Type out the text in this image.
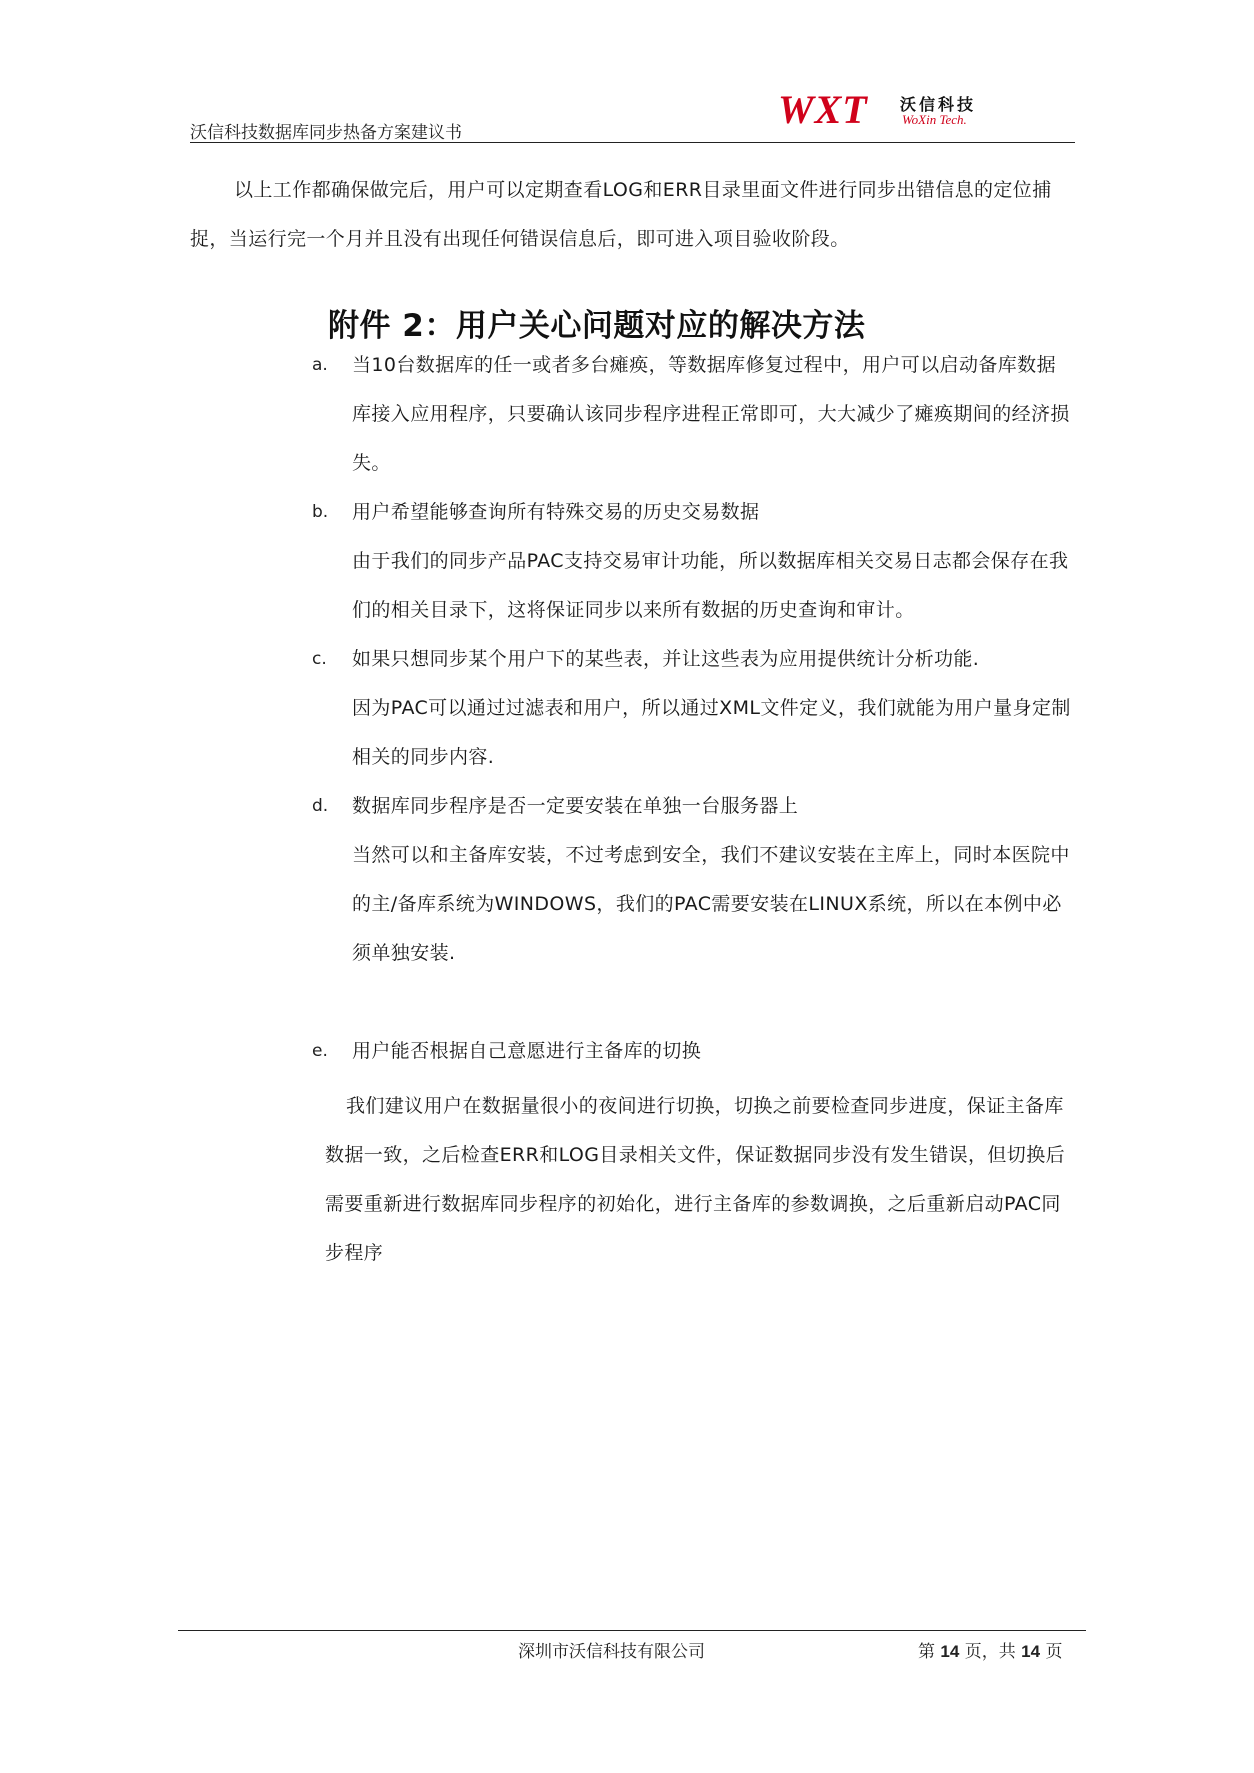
沃信科技数据库同步热备方案建议书
WXT 沃信科技
WoXin Tech.
以上工作都确保做完后，用户可以定期查看LOG和ERR目录里面文件进行同步出错信息的定位捕捉，当运行完一个月并且没有出现任何错误信息后，即可进入项目验收阶段。
附件 2：用户关心问题对应的解决方法
a. 当10台数据库的任一或者多台瘫痪，等数据库修复过程中，用户可以启动备库数据库接入应用程序，只要确认该同步程序进程正常即可，大大减少了瘫痪期间的经济损失。
b. 用户希望能够查询所有特殊交易的历史交易数据
由于我们的同步产品PAC支持交易审计功能，所以数据库相关交易日志都会保存在我们的相关目录下，这将保证同步以来所有数据的历史查询和审计。
c. 如果只想同步某个用户下的某些表，并让这些表为应用提供统计分析功能.
因为PAC可以通过过滤表和用户，所以通过XML文件定义，我们就能为用户量身定制相关的同步内容.
d. 数据库同步程序是否一定要安装在单独一台服务器上
当然可以和主备库安装，不过考虑到安全，我们不建议安装在主库上，同时本医院中的主/备库系统为WINDOWS，我们的PAC需要安装在LINUX系统，所以在本例中必须单独安装.
e. 用户能否根据自己意愿进行主备库的切换
我们建议用户在数据量很小的夜间进行切换，切换之前要检查同步进度，保证主备库数据一致，之后检查ERR和LOG目录相关文件，保证数据同步没有发生错误，但切换后需要重新进行数据库同步程序的初始化，进行主备库的参数调换，之后重新启动PAC同步程序
深圳市沃信科技有限公司	第 14 页，共 14 页
